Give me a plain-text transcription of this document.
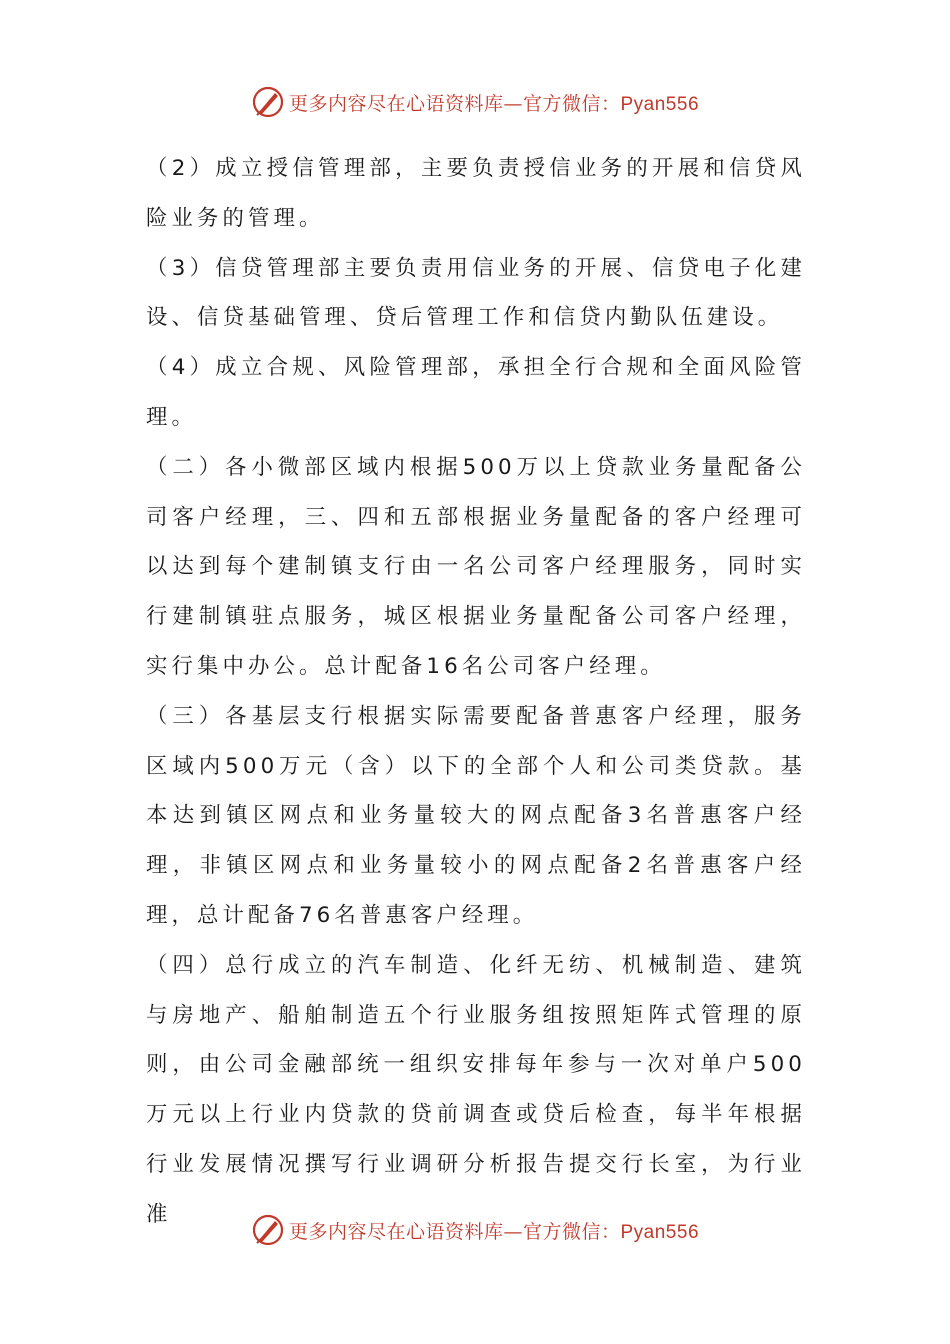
更多内容尽在心语资料库—官方微信：Pyan556

（2）成立授信管理部，主要负责授信业务的开展和信贷风险业务的管理。

（3）信贷管理部主要负责用信业务的开展、信贷电子化建设、信贷基础管理、贷后管理工作和信贷内勤队伍建设。

（4）成立合规、风险管理部，承担全行合规和全面风险管理。

（二）各小微部区域内根据500万以上贷款业务量配备公司客户经理，三、四和五部根据业务量配备的客户经理可以达到每个建制镇支行由一名公司客户经理服务，同时实行建制镇驻点服务，城区根据业务量配备公司客户经理，实行集中办公。总计配备16名公司客户经理。

（三）各基层支行根据实际需要配备普惠客户经理，服务区域内500万元（含）以下的全部个人和公司类贷款。基本达到镇区网点和业务量较大的网点配备3名普惠客户经理，非镇区网点和业务量较小的网点配备2名普惠客户经理，总计配备76名普惠客户经理。

（四）总行成立的汽车制造、化纤无纺、机械制造、建筑与房地产、船舶制造五个行业服务组按照矩阵式管理的原则，由公司金融部统一组织安排每年参与一次对单户500万元以上行业内贷款的贷前调查或贷后检查，每半年根据行业发展情况撰写行业调研分析报告提交行长室，为行业准

更多内容尽在心语资料库—官方微信：Pyan556
